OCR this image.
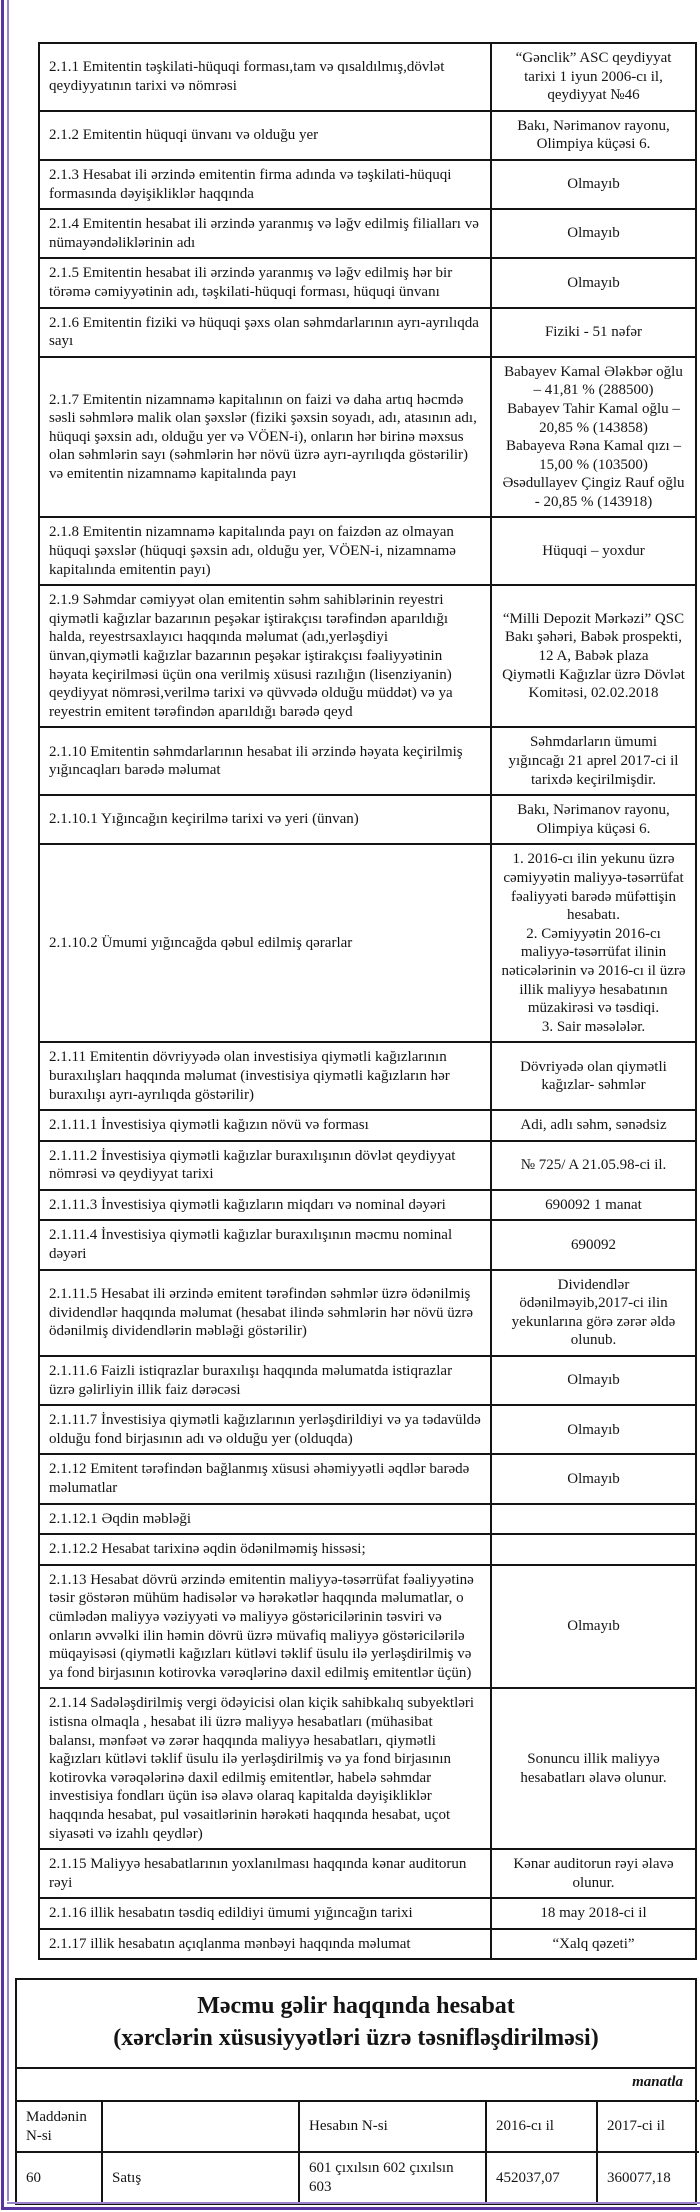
2.1.1 Emitentin təşkilati-hüquqi forması,tam və qısaldılmış,dövlət qeydiyyatının tarixi və nömrəsi	“Gənclik” ASC qeydiyyat tarixi 1 iyun 2006-cı il, qeydiyyat №46
2.1.2 Emitentin hüquqi ünvanı və olduğu yer	Bakı, Nərimanov rayonu, Olimpiya küçəsi 6.
2.1.3 Hesabat ili ərzində emitentin firma adında və təşkilati-hüquqi formasında dəyişikliklər haqqında	Olmayıb
2.1.4 Emitentin hesabat ili ərzində yaranmış və ləğv edilmiş filialları və nümayəndəliklərinin adı	Olmayıb
2.1.5 Emitentin hesabat ili ərzində yaranmış və ləğv edilmiş hər bir törəmə cəmiyyətinin adı, təşkilati-hüquqi forması, hüquqi ünvanı	Olmayıb
2.1.6 Emitentin fiziki və hüquqi şəxs olan səhmdarlarının ayrı-ayrılıqda sayı	Fiziki - 51 nəfər
2.1.7 Emitentin nizamnamə kapitalının on faizi və daha artıq həcmdə səsli səhmlərə malik olan şəxslər (fiziki şəxsin soyadı, adı, atasının adı, hüquqi şəxsin adı, olduğu yer və VÖEN-i), onların hər birinə məxsus olan səhmlərin sayı (səhmlərin hər növü üzrə ayrı-ayrılıqda göstərilir) və emitentin nizamnamə kapitalında payı	
Babayev Kamal Ələkbər oğlu – 41,81 % (288500)
Babayev Tahir Kamal oğlu – 20,85 % (143858)
Babayeva Rəna Kamal qızı – 15,00 % (103500)
Əsədullayev Çingiz Rauf oğlu - 20,85 % (143918)

2.1.8 Emitentin nizamnamə kapitalında payı on faizdən az olmayan hüquqi şəxslər (hüquqi şəxsin adı, olduğu yer, VÖEN-i, nizamnamə kapitalında emitentin payı)	Hüquqi – yoxdur
2.1.9 Səhmdar cəmiyyət olan emitentin səhm sahiblərinin reyestri qiymətli kağızlar bazarının peşəkar iştirakçısı tərəfindən aparıldığı halda, reyestrsaxlayıcı haqqında məlumat (adı,yerləşdiyi ünvan,qiymətli kağızlar bazarının peşəkar iştirakçısı fəaliyyətinin həyata keçirilməsi üçün ona verilmiş xüsusi razılığın (lisenziyanin) qeydiyyat nömrəsi,verilmə tarixi və qüvvədə olduğu müddət) və ya reyestrin emitent tərəfindən aparıldığı barədə qeyd	
“Milli Depozit Mərkəzi” QSC
Bakı şəhəri, Babək prospekti, 12 A, Babək plaza
Qiymətli Kağızlar üzrə Dövlət Komitəsi, 02.02.2018

2.1.10 Emitentin səhmdarlarının hesabat ili ərzində həyata keçirilmiş yığıncaqları barədə məlumat	Səhmdarların ümumi yığıncağı 21 aprel 2017-ci il tarixdə keçirilmişdir.
2.1.10.1 Yığıncağın keçirilmə tarixi və yeri (ünvan)	Bakı, Nərimanov rayonu, Olimpiya küçəsi 6.
2.1.10.2 Ümumi yığıncağda qəbul edilmiş qərarlar	1. 2016-cı ilin yekunu üzrə cəmiyyətin maliyyə-təsərrüfat fəaliyyəti barədə müfəttişin hesabatı.
2. Cəmiyyətin 2016-cı maliyyə-təsərrüfat ilinin nəticələrinin və 2016-cı il üzrə illik maliyyə hesabatının müzakirəsi və təsdiqi.
3. Sair məsələlər.

2.1.11 Emitentin dövriyyədə olan investisiya qiymətli kağızlarının buraxılışları haqqında məlumat (investisiya qiymətli kağızların hər buraxılışı ayrı-ayrılıqda göstərilir)	Dövriyədə olan qiymətli kağızlar- səhmlər
2.1.11.1 İnvestisiya qiymətli kağızın növü və forması	Adi, adlı səhm, sənədsiz
2.1.11.2 İnvestisiya qiymətli kağızlar buraxılışının dövlət qeydiyyat nömrəsi və qeydiyyat tarixi	№ 725/ A 21.05.98-ci il.
2.1.11.3 İnvestisiya qiymətli kağızların miqdarı və nominal dəyəri	690092 1 manat
2.1.11.4 İnvestisiya qiymətli kağızlar buraxılışının məcmu nominal dəyəri	690092
2.1.11.5 Hesabat ili ərzində emitent tərəfindən səhmlər üzrə ödənilmiş dividendlər haqqında məlumat (hesabat ilində səhmlərin hər növü üzrə ödənilmiş dividendlərin məbləği göstərilir)	Dividendlər ödənilməyib,2017-ci ilin yekunlarına görə zərər əldə olunub.
2.1.11.6 Faizli istiqrazlar buraxılışı haqqında məlumatda istiqrazlar üzrə gəlirliyin illik faiz dərəcəsi	Olmayıb
2.1.11.7 İnvestisiya qiymətli kağızlarının yerləşdirildiyi və ya tədavüldə olduğu fond birjasının adı və olduğu yer (olduqda)	Olmayıb
2.1.12 Emitent tərəfindən bağlanmış xüsusi əhəmiyyətli əqdlər barədə məlumatlar	Olmayıb
2.1.12.1 Əqdin məbləği	
2.1.12.2 Hesabat tarixinə əqdin ödənilməmiş hissəsi;	
2.1.13 Hesabat dövrü ərzində emitentin maliyyə-təsərrüfat fəaliyyətinə təsir göstərən mühüm hadisələr və hərəkətlər haqqında məlumatlar, o cümlədən maliyyə vəziyyəti və maliyyə göstəricilərinin təsviri və onların əvvəlki ilin həmin dövrü üzrə müvafiq maliyyə göstəricilərilə müqayisəsi (qiymətli kağızları kütləvi təklif üsulu ilə yerləşdirilmiş və ya fond birjasının kotirovka vərəqlərinə daxil edilmiş emitentlər üçün)	Olmayıb
2.1.14 Sadələşdirilmiş vergi ödəyicisi olan kiçik sahibkalıq subyektləri istisna olmaqla , hesabat ili üzrə maliyyə hesabatları (mühasibat balansı, mənfəət və zərər haqqında maliyyə hesabatları, qiymətli kağızları kütləvi təklif üsulu ilə yerləşdirilmiş və ya fond birjasının kotirovka vərəqələrinə daxil edilmiş emitentlər, habelə səhmdar investisiya fondları üçün isə əlavə olaraq kapitalda dəyişikliklər haqqında hesabat, pul vəsaitlərinin hərəkəti haqqında hesabat, uçot siyasəti və izahlı qeydlər)	Sonuncu illik maliyyə hesabatları əlavə olunur.
2.1.15 Maliyyə hesabatlarının yoxlanılması haqqında kənar auditorun rəyi	Kənar auditorun rəyi əlavə olunur.
2.1.16 illik hesabatın təsdiq edildiyi ümumi yığıncağın tarixi	18 may 2018-ci il
2.1.17 illik hesabatın açıqlanma mənbəyi haqqında məlumat	“Xalq qəzeti”
Məcmu gəlir haqqında hesabat
(xərclərin xüsusiyyətləri üzrə təsnifləşdirilməsi)
manatla
Maddənin N-si		Hesabın N-si	2016-cı il	2017-ci il
60	Satış	601 çıxılsın 602 çıxılsın 603	452037,07	360077,18
